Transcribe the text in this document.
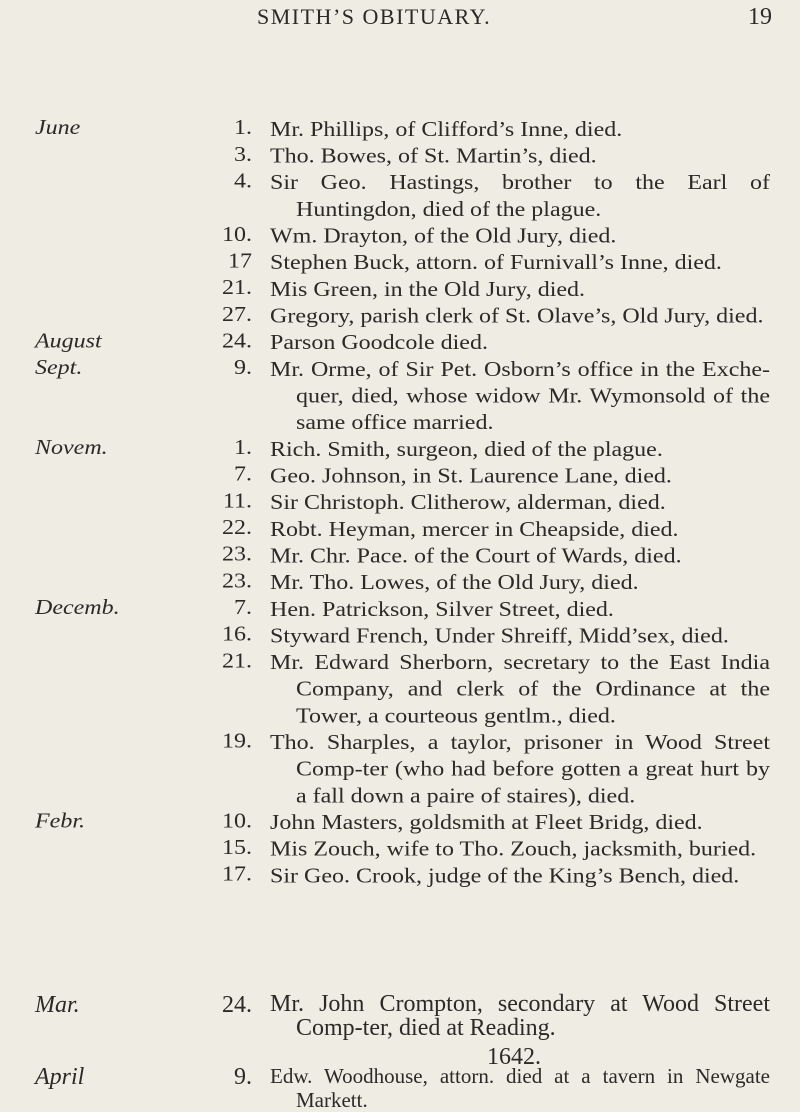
SMITH’S OBITUARY.	19
June	1. Mr. Phillips, of Clifford’s Inne, died.
3. Tho. Bowes, of St. Martin’s, died.
4. Sir Geo. Hastings, brother to the Earl of Huntingdon, died of the plague.
10. Wm. Drayton, of the Old Jury, died.
17 Stephen Buck, attorn. of Furnivall’s Inne, died.
21. Mis Green, in the Old Jury, died.
27. Gregory, parish clerk of St. Olave’s, Old Jury, died.
August	24. Parson Goodcole died.
Sept.	9. Mr. Orme, of Sir Pet. Osborn’s office in the Exche-quer, died, whose widow Mr. Wymonsold of the same office married.
Novem.	1. Rich. Smith, surgeon, died of the plague.
7. Geo. Johnson, in St. Laurence Lane, died.
11. Sir Christoph. Clitherow, alderman, died.
22. Robt. Heyman, mercer in Cheapside, died.
23. Mr. Chr. Pace. of the Court of Wards, died.
23. Mr. Tho. Lowes, of the Old Jury, died.
Decemb.	7. Hen. Patrickson, Silver Street, died.
16. Styward French, Under Shreiff, Midd’sex, died.
21. Mr. Edward Sherborn, secretary to the East India Company, and clerk of the Ordinance at the Tower, a courteous gentlm., died.
19. Tho. Sharples, a taylor, prisoner in Wood Street Comp-ter (who had before gotten a great hurt by a fall down a paire of staires), died.
Febr.	10. John Masters, goldsmith at Fleet Bridg, died.
15. Mis Zouch, wife to Tho. Zouch, jacksmith, buried.
17. Sir Geo. Crook, judge of the King’s Bench, died.
Mar.	24. Mr. John Crompton, secondary at Wood Street Comp-ter, died at Reading.
1642.
April	9. Edw. Woodhouse, attorn. died at a tavern in Newgate Markett.
